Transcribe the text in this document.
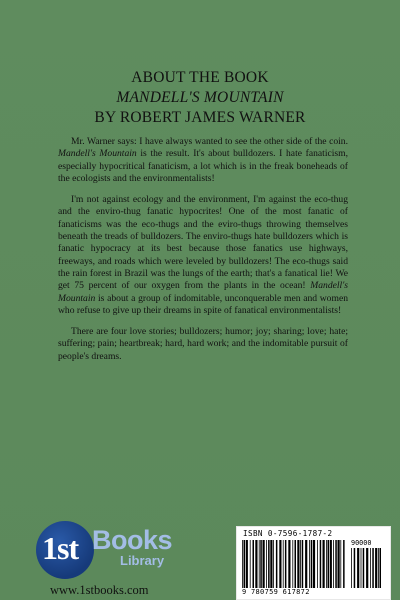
ABOUT THE BOOK
MANDELL'S MOUNTAIN
BY ROBERT JAMES WARNER

Mr. Warner says: I have always wanted to see the other side of the coin. Mandell's Mountain is the result. It's about bulldozers. I hate fanaticism, especially hypocritical fanaticism, a lot which is in the freak boneheads of the ecologists and the environmentalists!

I'm not against ecology and the environment, I'm against the eco-thug and the enviro-thug fanatic hypocrites! One of the most fanatic of fanaticisms was the eco-thugs and the eviro-thugs throwing themselves beneath the treads of bulldozers. The enviro-thugs hate bulldozers which is fanatic hypocracy at its best because those fanatics use highways, freeways, and roads which were leveled by bulldozers! The eco-thugs said the rain forest in Brazil was the lungs of the earth; that's a fanatical lie! We get 75 percent of our oxygen from the plants in the ocean! Mandell's Mountain is about a group of indomitable, unconquerable men and women who refuse to give up their dreams in spite of fanatical environmentalists!

There are four love stories; bulldozers; humor; joy; sharing; love; hate; suffering; pain; heartbreak; hard, hard work; and the indomitable pursuit of people's dreams.

1st Books
Library
www.1stbooks.com
ISBN 0-7596-1787-2
90000
9 780759 617872
